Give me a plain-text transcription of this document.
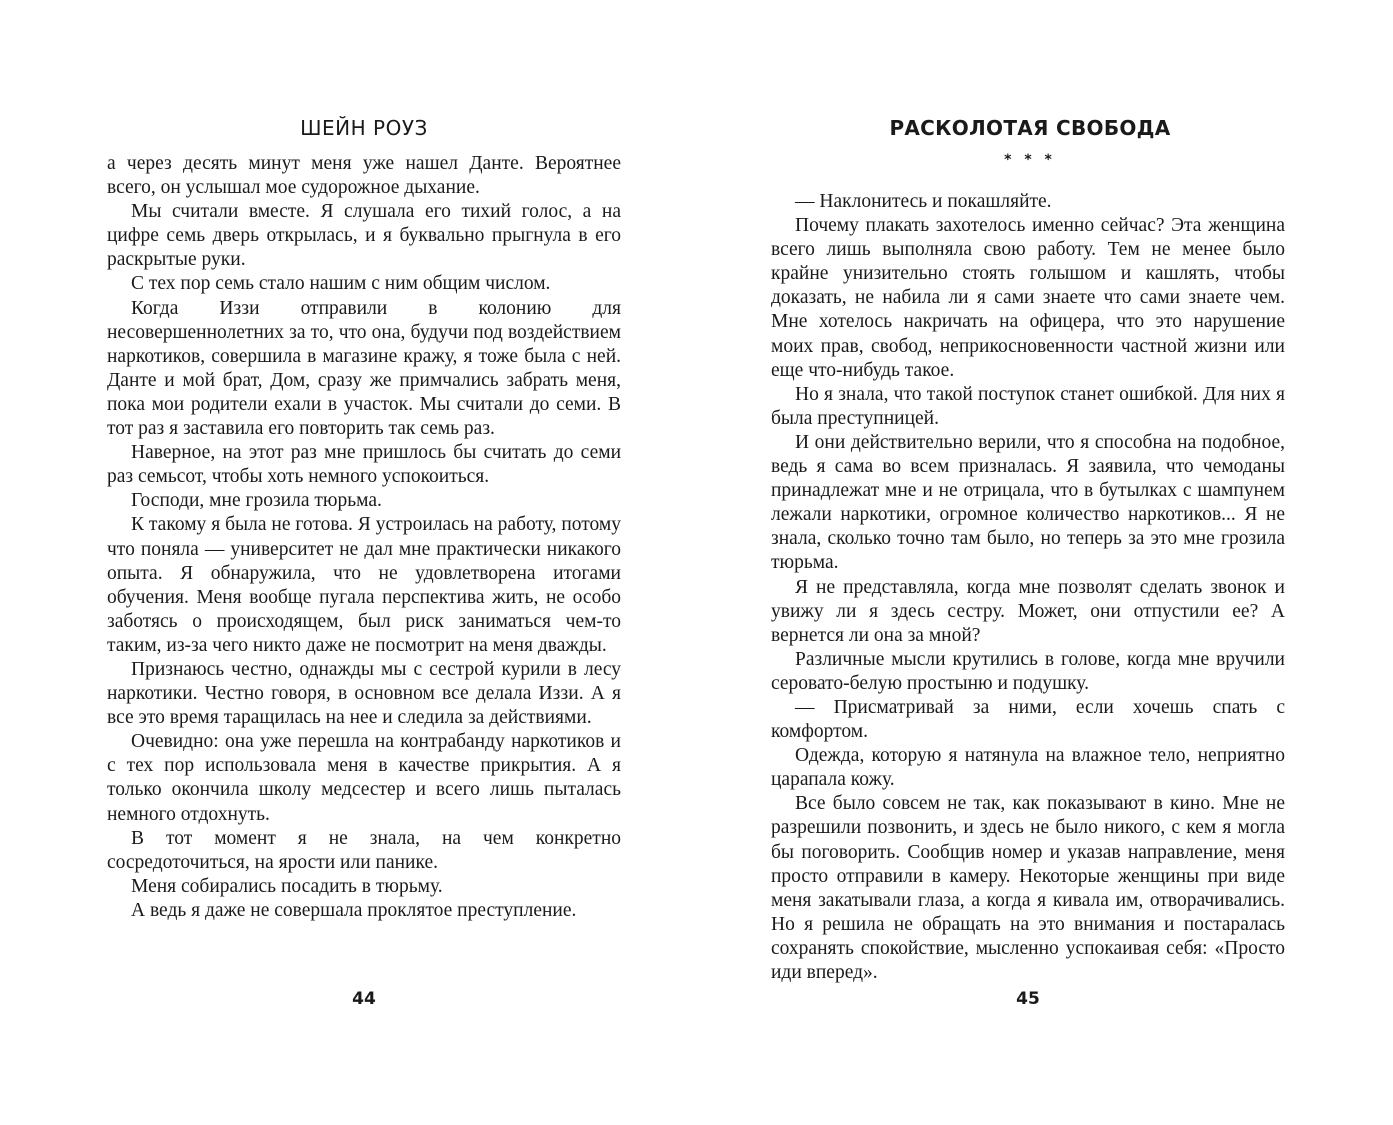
ШЕЙН РОУЗ

а через десять минут меня уже нашел Данте. Вероятнее всего, он услышал мое судорожное дыхание.

Мы считали вместе. Я слушала его тихий голос, а на цифре семь дверь открылась, и я буквально прыгнула в его раскрытые руки.

С тех пор семь стало нашим с ним общим числом.

Когда Иззи отправили в колонию для несовершеннолетних за то, что она, будучи под воздействием наркотиков, совершила в магазине кражу, я тоже была с ней. Данте и мой брат, Дом, сразу же примчались забрать меня, пока мои родители ехали в участок. Мы считали до семи. В тот раз я заставила его повторить так семь раз.

Наверное, на этот раз мне пришлось бы считать до семи раз семьсот, чтобы хоть немного успокоиться.

Господи, мне грозила тюрьма.

К такому я была не готова. Я устроилась на работу, потому что поняла — университет не дал мне практически никакого опыта. Я обнаружила, что не удовлетворена итогами обучения. Меня вообще пугала перспектива жить, не особо заботясь о происходящем, был риск заниматься чем-то таким, из-за чего никто даже не посмотрит на меня дважды.

Признаюсь честно, однажды мы с сестрой курили в лесу наркотики. Честно говоря, в основном все делала Иззи. А я все это время таращилась на нее и следила за действиями.

Очевидно: она уже перешла на контрабанду наркотиков и с тех пор использовала меня в качестве прикрытия. А я только окончила школу медсестер и всего лишь пыталась немного отдохнуть.

В тот момент я не знала, на чем конкретно сосредоточиться, на ярости или панике.

Меня собирались посадить в тюрьму.

А ведь я даже не совершала проклятое преступление.

44
РАСКОЛОТАЯ СВОБОДА
* * *

— Наклонитесь и покашляйте.

Почему плакать захотелось именно сейчас? Эта женщина всего лишь выполняла свою работу. Тем не менее было крайне унизительно стоять голышом и кашлять, чтобы доказать, не набила ли я сами знаете что сами знаете чем. Мне хотелось накричать на офицера, что это нарушение моих прав, свобод, неприкосновенности частной жизни или еще что-нибудь такое.

Но я знала, что такой поступок станет ошибкой. Для них я была преступницей.

И они действительно верили, что я способна на подобное, ведь я сама во всем призналась. Я заявила, что чемоданы принадлежат мне и не отрицала, что в бутылках с шампунем лежали наркотики, огромное количество наркотиков... Я не знала, сколько точно там было, но теперь за это мне грозила тюрьма.

Я не представляла, когда мне позволят сделать звонок и увижу ли я здесь сестру. Может, они отпустили ее? А вернется ли она за мной?

Различные мысли крутились в голове, когда мне вручили серовато-белую простыню и подушку.

— Присматривай за ними, если хочешь спать с комфортом.

Одежда, которую я натянула на влажное тело, неприятно царапала кожу.

Все было совсем не так, как показывают в кино. Мне не разрешили позвонить, и здесь не было никого, с кем я могла бы поговорить. Сообщив номер и указав направление, меня просто отправили в камеру. Некоторые женщины при виде меня закатывали глаза, а когда я кивала им, отворачивались. Но я решила не обращать на это внимания и постаралась сохранять спокойствие, мысленно успокаивая себя: «Просто иди вперед».

45
